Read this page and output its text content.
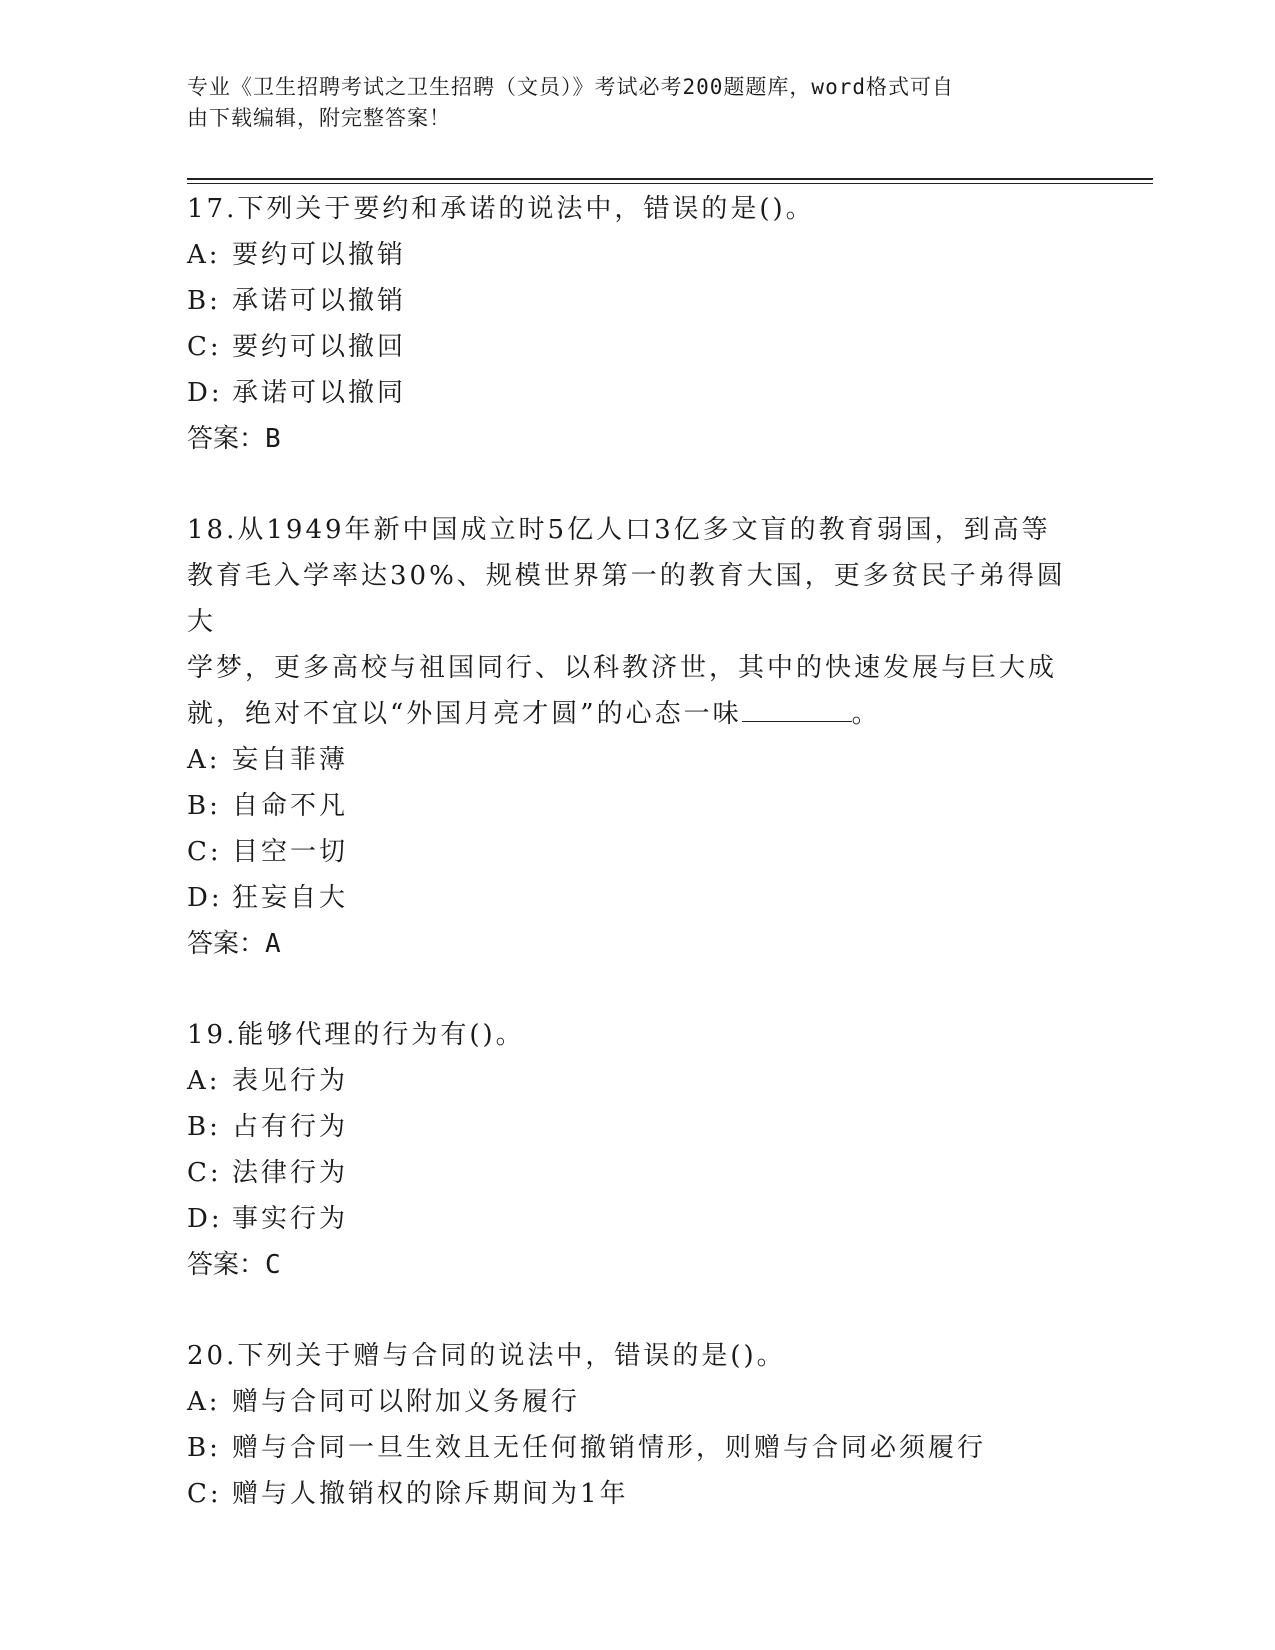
专业《卫生招聘考试之卫生招聘（文员）》考试必考200题题库，word格式可自
由下载编辑，附完整答案！

17.下列关于要约和承诺的说法中，错误的是()。

A: 要约可以撤销

B: 承诺可以撤销

C: 要约可以撤回

D: 承诺可以撤同

答案：B

18.从1949年新中国成立时5亿人口3亿多文盲的教育弱国，到高等

教育毛入学率达30%、规模世界第一的教育大国，更多贫民子弟得圆大

学梦，更多高校与祖国同行、以科教济世，其中的快速发展与巨大成

就，绝对不宜以“外国月亮才圆”的心态一味	。

A: 妄自菲薄

B: 自命不凡

C: 目空一切

D: 狂妄自大

答案：A

19.能够代理的行为有()。

A: 表见行为

B: 占有行为

C: 法律行为

D: 事实行为

答案：C

20.下列关于赠与合同的说法中，错误的是()。

A: 赠与合同可以附加义务履行

B: 赠与合同一旦生效且无任何撤销情形，则赠与合同必须履行

C: 赠与人撤销权的除斥期间为1年
